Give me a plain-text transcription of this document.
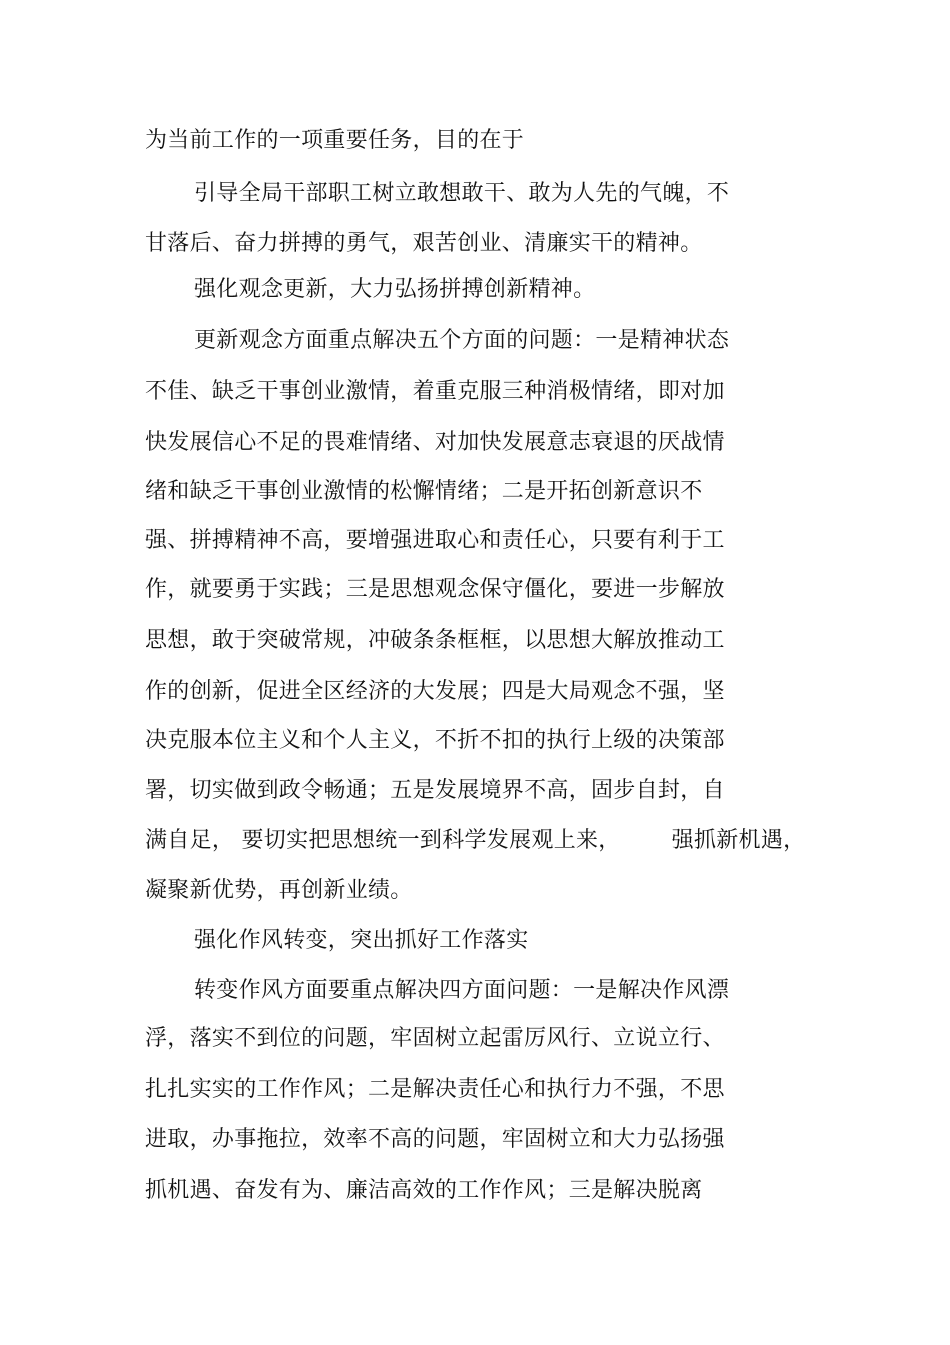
为当前工作的一项重要任务，目的在于
引导全局干部职工树立敢想敢干、敢为人先的气魄，不
甘落后、奋力拼搏的勇气，艰苦创业、清廉实干的精神。
强化观念更新，大力弘扬拼搏创新精神。
更新观念方面重点解决五个方面的问题：一是精神状态
不佳、缺乏干事创业激情，着重克服三种消极情绪，即对加
快发展信心不足的畏难情绪、对加快发展意志衰退的厌战情
绪和缺乏干事创业激情的松懈情绪；二是开拓创新意识不
强、拼搏精神不高，要增强进取心和责任心，只要有利于工
作，就要勇于实践；三是思想观念保守僵化，要进一步解放
思想，敢于突破常规，冲破条条框框，以思想大解放推动工
作的创新，促进全区经济的大发展；四是大局观念不强，坚
决克服本位主义和个人主义，不折不扣的执行上级的决策部
署，切实做到政令畅通；五是发展境界不高，固步自封，自
满自足， 要切实把思想统一到科学发展观上来，       强抓新机遇，
凝聚新优势，再创新业绩。
强化作风转变，突出抓好工作落实
转变作风方面要重点解决四方面问题：一是解决作风漂
浮，落实不到位的问题，牢固树立起雷厉风行、立说立行、
扎扎实实的工作作风；二是解决责任心和执行力不强，不思
进取，办事拖拉，效率不高的问题，牢固树立和大力弘扬强
抓机遇、奋发有为、廉洁高效的工作作风；三是解决脱离
